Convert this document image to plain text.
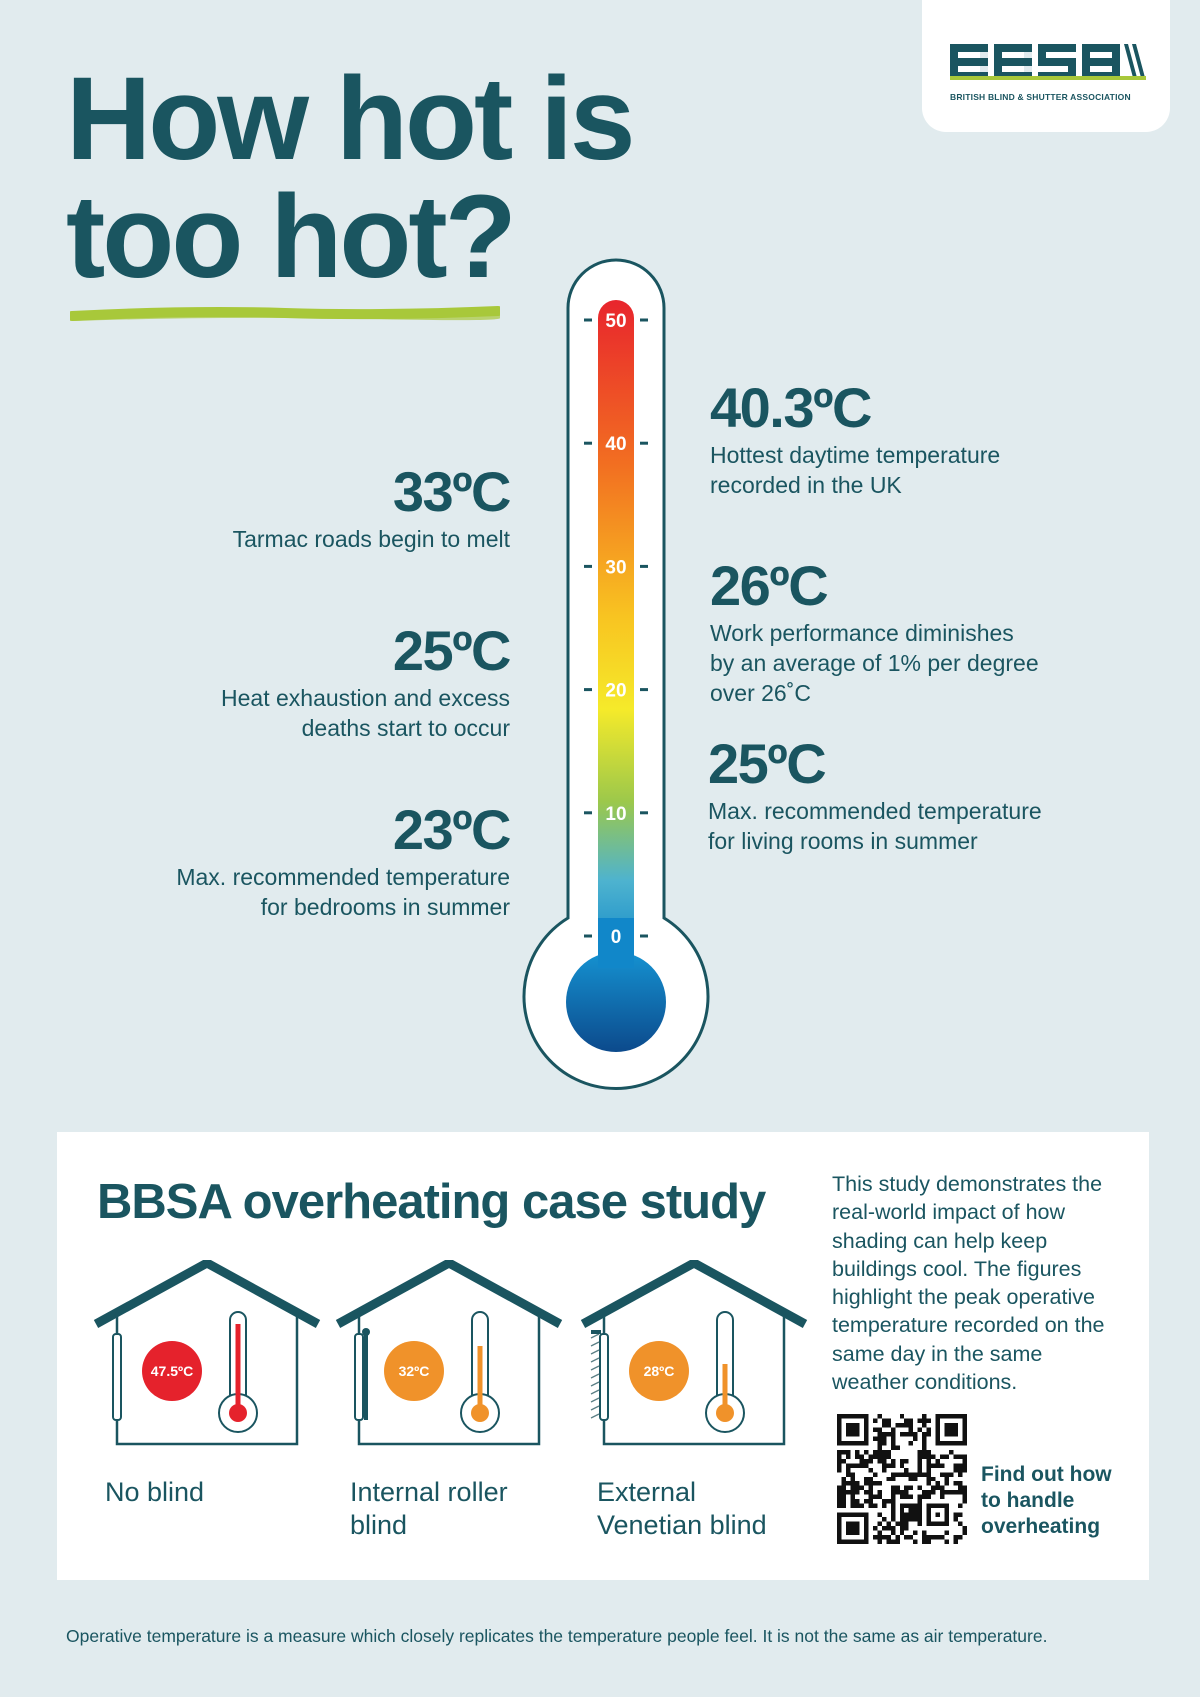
BRITISH BLIND & SHUTTER ASSOCIATION
How hot is
too hot?
50
40
30
20
10
0
33ºC
Tarmac roads begin to melt
25ºC
Heat exhaustion and excess
deaths start to occur
23ºC
Max. recommended temperature
for bedrooms in summer
40.3ºC
Hottest daytime temperature
recorded in the UK
26ºC
Work performance diminishes
by an average of 1% per degree
over 26˚C
25ºC
Max. recommended temperature
for living rooms in summer
BBSA overheating case study
47.5ºC
No blind
32ºC
Internal roller
blind
28ºC
External
Venetian blind

This study demonstrates the real-world impact of how shading can help keep buildings cool. The figures highlight the peak operative temperature recorded on the same day in the same weather conditions.

Find out how to handle overheating
Operative temperature is a measure which closely replicates the temperature people feel. It is not the same as air temperature.
